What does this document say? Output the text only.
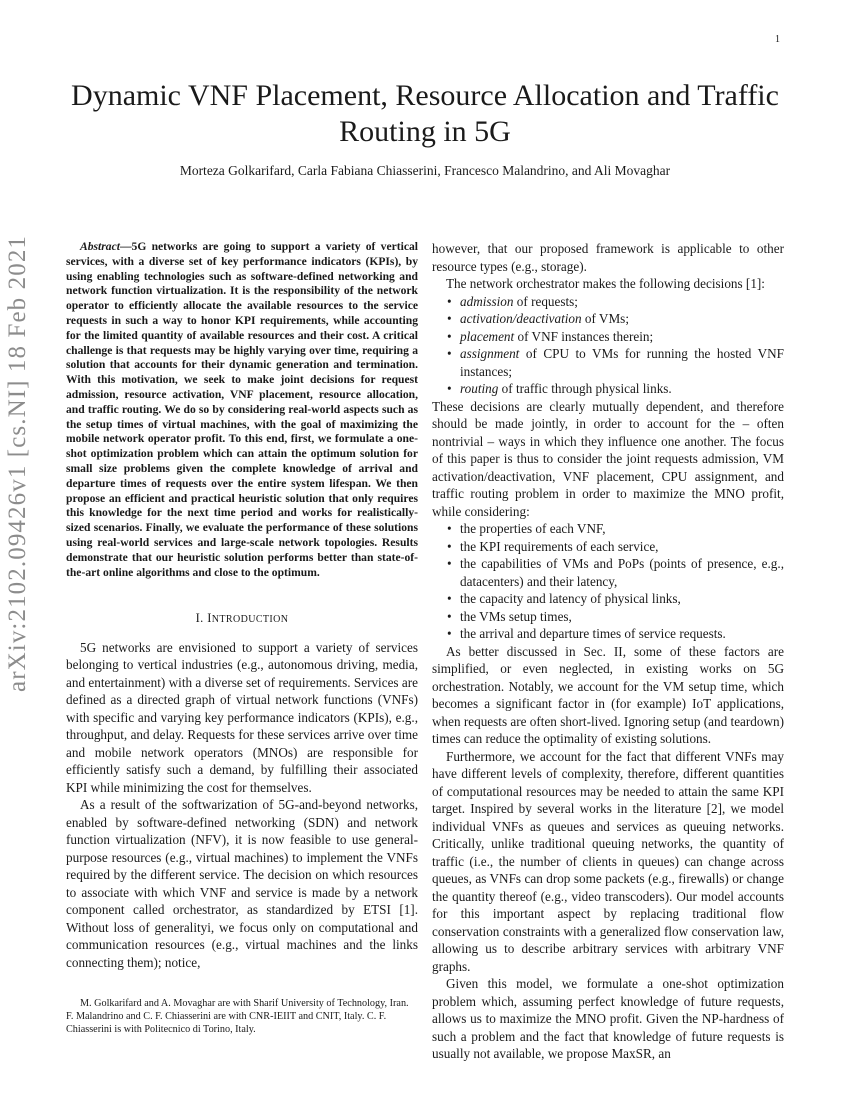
1
arXiv:2102.09426v1 [cs.NI] 18 Feb 2021
Dynamic VNF Placement, Resource Allocation and Traffic Routing in 5G
Morteza Golkarifard, Carla Fabiana Chiasserini, Francesco Malandrino, and Ali Movaghar

Abstract—5G networks are going to support a variety of vertical services, with a diverse set of key performance indicators (KPIs), by using enabling technologies such as software-defined networking and network function virtualization. It is the responsibility of the network operator to efficiently allocate the available resources to the service requests in such a way to honor KPI requirements, while accounting for the limited quantity of available resources and their cost. A critical challenge is that requests may be highly varying over time, requiring a solution that accounts for their dynamic generation and termination. With this motivation, we seek to make joint decisions for request admission, resource activation, VNF placement, resource allocation, and traffic routing. We do so by considering real-world aspects such as the setup times of virtual machines, with the goal of maximizing the mobile network operator profit. To this end, first, we formulate a one-shot optimization problem which can attain the optimum solution for small size problems given the complete knowledge of arrival and departure times of requests over the entire system lifespan. We then propose an efficient and practical heuristic solution that only requires this knowledge for the next time period and works for realistically-sized scenarios. Finally, we evaluate the performance of these solutions using real-world services and large-scale network topologies. Results demonstrate that our heuristic solution performs better than state-of-the-art online algorithms and close to the optimum.

I. INTRODUCTION

5G networks are envisioned to support a variety of services belonging to vertical industries (e.g., autonomous driving, media, and entertainment) with a diverse set of requirements. Services are defined as a directed graph of virtual network functions (VNFs) with specific and varying key performance indicators (KPIs), e.g., throughput, and delay. Requests for these services arrive over time and mobile network operators (MNOs) are responsible for efficiently satisfy such a demand, by fulfilling their associated KPI while minimizing the cost for themselves.

As a result of the softwarization of 5G-and-beyond networks, enabled by software-defined networking (SDN) and network function virtualization (NFV), it is now feasible to use general-purpose resources (e.g., virtual machines) to implement the VNFs required by the different service. The decision on which resources to associate with which VNF and service is made by a network component called orchestrator, as standardized by ETSI [1]. Without loss of generalityi, we focus only on computational and communication resources (e.g., virtual machines and the links connecting them); notice,

M. Golkarifard and A. Movaghar are with Sharif University of Technology, Iran. F. Malandrino and C. F. Chiasserini are with CNR-IEIIT and CNIT, Italy. C. F. Chiasserini is with Politecnico di Torino, Italy.

however, that our proposed framework is applicable to other resource types (e.g., storage).

The network orchestrator makes the following decisions [1]:

• admission of requests;
• activation/deactivation of VMs;
• placement of VNF instances therein;
• assignment of CPU to VMs for running the hosted VNF instances;
• routing of traffic through physical links.

These decisions are clearly mutually dependent, and therefore should be made jointly, in order to account for the – often nontrivial – ways in which they influence one another. The focus of this paper is thus to consider the joint requests admission, VM activation/deactivation, VNF placement, CPU assignment, and traffic routing problem in order to maximize the MNO profit, while considering:

• the properties of each VNF,
• the KPI requirements of each service,
• the capabilities of VMs and PoPs (points of presence, e.g., datacenters) and their latency,
• the capacity and latency of physical links,
• the VMs setup times,
• the arrival and departure times of service requests.

As better discussed in Sec. II, some of these factors are simplified, or even neglected, in existing works on 5G orchestration. Notably, we account for the VM setup time, which becomes a significant factor in (for example) IoT applications, when requests are often short-lived. Ignoring setup (and teardown) times can reduce the optimality of existing solutions.

Furthermore, we account for the fact that different VNFs may have different levels of complexity, therefore, different quantities of computational resources may be needed to attain the same KPI target. Inspired by several works in the literature [2], we model individual VNFs as queues and services as queuing networks. Critically, unlike traditional queuing networks, the quantity of traffic (i.e., the number of clients in queues) can change across queues, as VNFs can drop some packets (e.g., firewalls) or change the quantity thereof (e.g., video transcoders). Our model accounts for this important aspect by replacing traditional flow conservation constraints with a generalized flow conservation law, allowing us to describe arbitrary services with arbitrary VNF graphs.

Given this model, we formulate a one-shot optimization problem which, assuming perfect knowledge of future requests, allows us to maximize the MNO profit. Given the NP-hardness of such a problem and the fact that knowledge of future requests is usually not available, we propose MaxSR, an
